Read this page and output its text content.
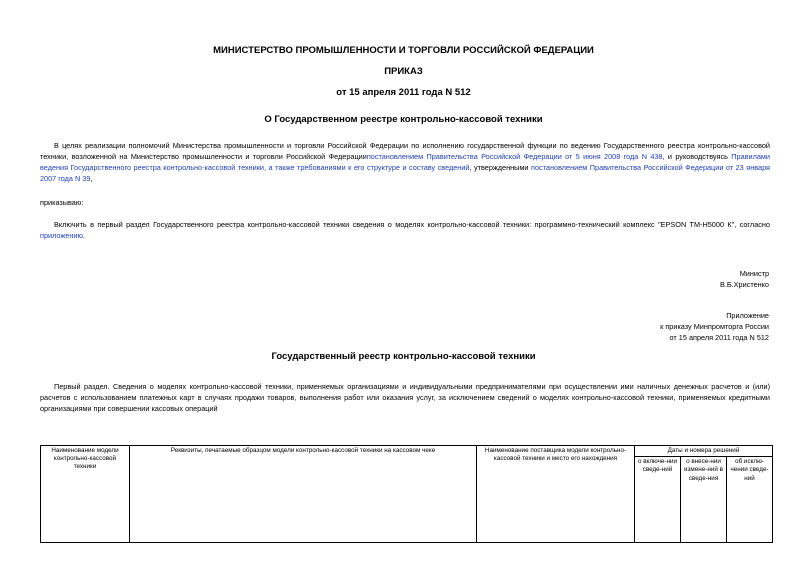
МИНИСТЕРСТВО ПРОМЫШЛЕННОСТИ И ТОРГОВЛИ РОССИЙСКОЙ ФЕДЕРАЦИИ
ПРИКАЗ
от 15 апреля 2011 года N 512
О Государственном реестре контрольно-кассовой техники
В целях реализации полномочий Министерства промышленности и торговли Российской Федерации по исполнению государственной функции по ведению Государственного реестра контрольно-кассовой техники, возложенной на Министерство промышленности и торговли Российской Федерациипостановлением Правительства Российской Федерации от 5 июня 2008 года N 438, и руководствуясь Правилами ведения Государственного реестра контрольно-кассовой техники, а также требованиями к его структуре и составу сведений, утвержденными постановлением Правительства Российской Федерации от 23 января 2007 года N 39,
приказываю:
Включить в первый раздел Государственного реестра контрольно-кассовой техники сведения о моделях контрольно-кассовой техники: программно-технический комплекс "EPSON TM-H5000 К", согласно приложению.
Министр
В.Б.Христенко
Приложение
к приказу Минпромторга России
от 15 апреля 2011 года N 512
Государственный реестр контрольно-кассовой техники
Первый раздел. Сведения о моделях контрольно-кассовой техники, применяемых организациями и индивидуальными предпринимателями при осуществлении ими наличных денежных расчетов и (или) расчетов с использованием платежных карт в случаях продажи товаров, выполнения работ или оказания услуг, за исключением сведений о моделях контрольно-кассовой техники, применяемых кредитными организациями при совершении кассовых операций
Наименование модели контрольно-кассовой техники	Реквизиты, печатаемые образцом модели контрольно-кассовой техники на кассовом чеке	Наименование поставщика модели контрольно-кассовой техники и место его нахождения	Даты и номера решений		
			о включе-нии сведе-ний	о внесе-нии измене-ний в сведе-ния	об исклю-чении сведе-ний
